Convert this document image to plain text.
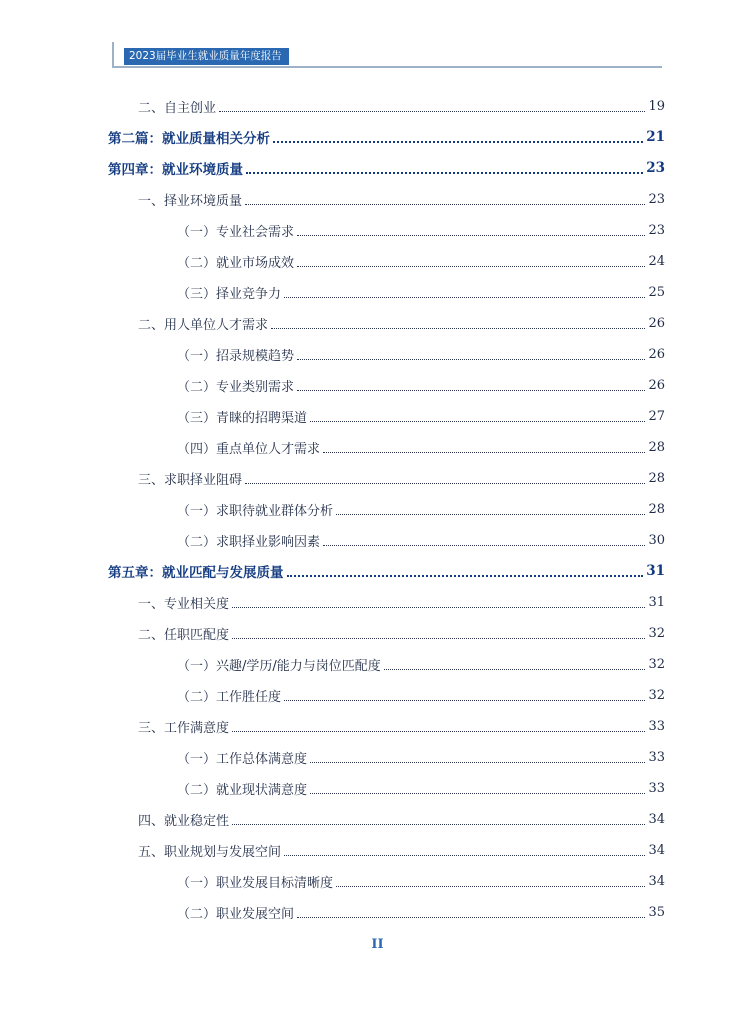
2023届毕业生就业质量年度报告
二、自主创业	19
第二篇：就业质量相关分析	21
第四章：就业环境质量	23
一、择业环境质量	23
（一）专业社会需求	23
（二）就业市场成效	24
（三）择业竞争力	25
二、用人单位人才需求	26
（一）招录规模趋势	26
（二）专业类别需求	26
（三）青睐的招聘渠道	27
（四）重点单位人才需求	28
三、求职择业阻碍	28
（一）求职待就业群体分析	28
（二）求职择业影响因素	30
第五章：就业匹配与发展质量	31
一、专业相关度	31
二、任职匹配度	32
（一）兴趣/学历/能力与岗位匹配度	32
（二）工作胜任度	32
三、工作满意度	33
（一）工作总体满意度	33
（二）就业现状满意度	33
四、就业稳定性	34
五、职业规划与发展空间	34
（一）职业发展目标清晰度	34
（二）职业发展空间	35
II
